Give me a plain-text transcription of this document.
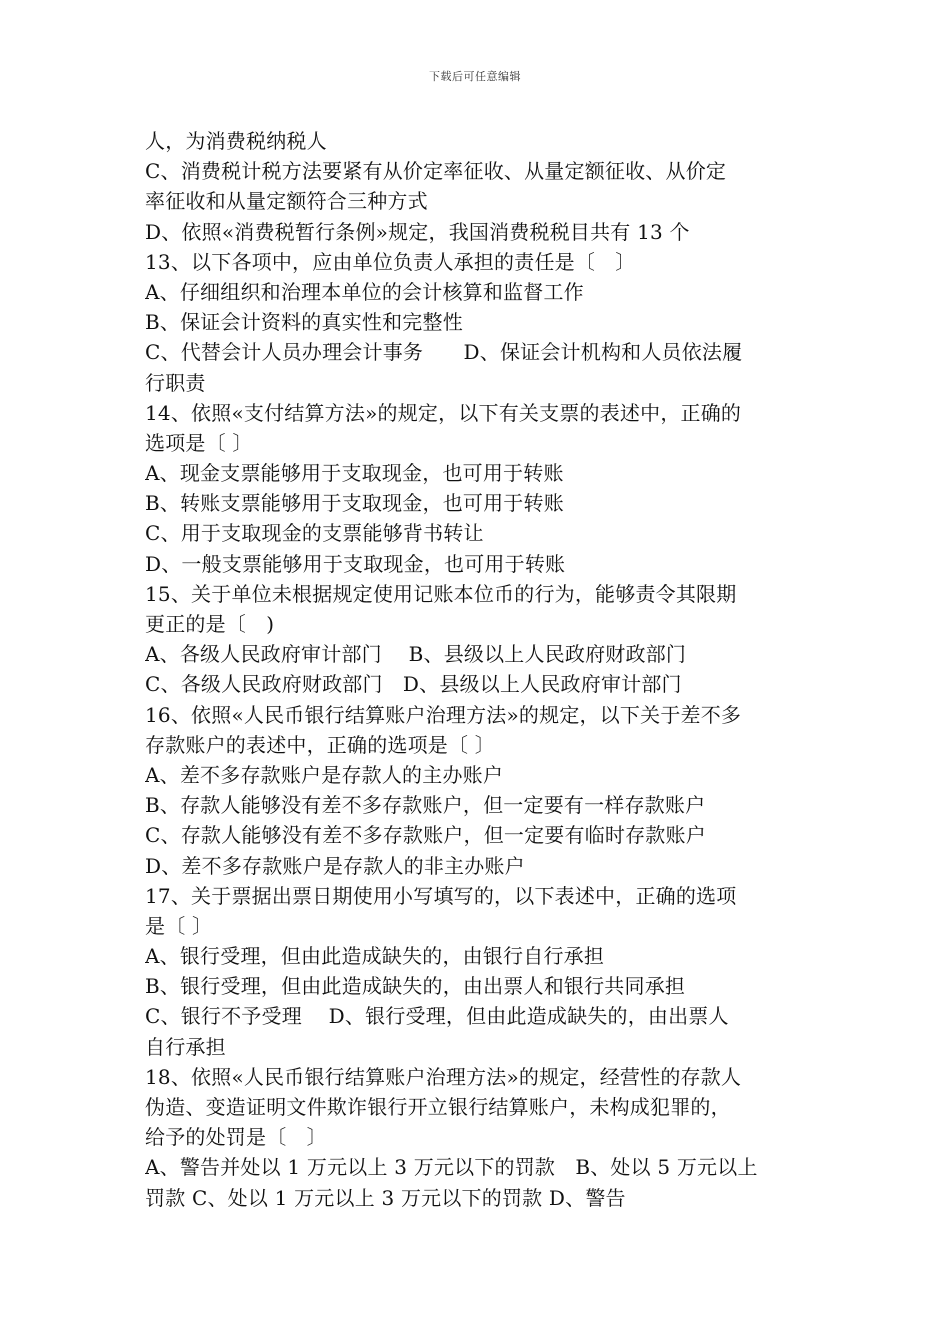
下载后可任意编辑
人，为消费税纳税人
C、消费税计税方法要紧有从价定率征收、从量定额征收、从价定
率征收和从量定额符合三种方式
D、依照«消费税暂行条例»规定，我国消费税税目共有 13 个
13、以下各项中，应由单位负责人承担的责任是〔　〕
A、仔细组织和治理本单位的会计核算和监督工作
B、保证会计资料的真实性和完整性
C、代替会计人员办理会计事务　　D、保证会计机构和人员依法履
行职责
14、依照«支付结算方法»的规定，以下有关支票的表述中，正确的
选项是〔 〕
A、现金支票能够用于支取现金，也可用于转账
B、转账支票能够用于支取现金，也可用于转账
C、用于支取现金的支票能够背书转让
D、一般支票能够用于支取现金，也可用于转账
15、关于单位未根据规定使用记账本位币的行为，能够责令其限期
更正的是〔　)
A、各级人民政府审计部门　 B、县级以上人民政府财政部门
C、各级人民政府财政部门　D、县级以上人民政府审计部门
16、依照«人民币银行结算账户治理方法»的规定，以下关于差不多
存款账户的表述中，正确的选项是〔 〕
A、差不多存款账户是存款人的主办账户
B、存款人能够没有差不多存款账户，但一定要有一样存款账户
C、存款人能够没有差不多存款账户，但一定要有临时存款账户
D、差不多存款账户是存款人的非主办账户
17、关于票据出票日期使用小写填写的，以下表述中，正确的选项
是〔 〕
A、银行受理，但由此造成缺失的，由银行自行承担
B、银行受理，但由此造成缺失的，由出票人和银行共同承担
C、银行不予受理　 D、银行受理，但由此造成缺失的，由出票人
自行承担
18、依照«人民币银行结算账户治理方法»的规定，经营性的存款人
伪造、变造证明文件欺诈银行开立银行结算账户，未构成犯罪的，
给予的处罚是〔　〕
A、警告并处以 1 万元以上 3 万元以下的罚款　B、处以 5 万元以上
罚款 C、处以 1 万元以上 3 万元以下的罚款 D、警告
